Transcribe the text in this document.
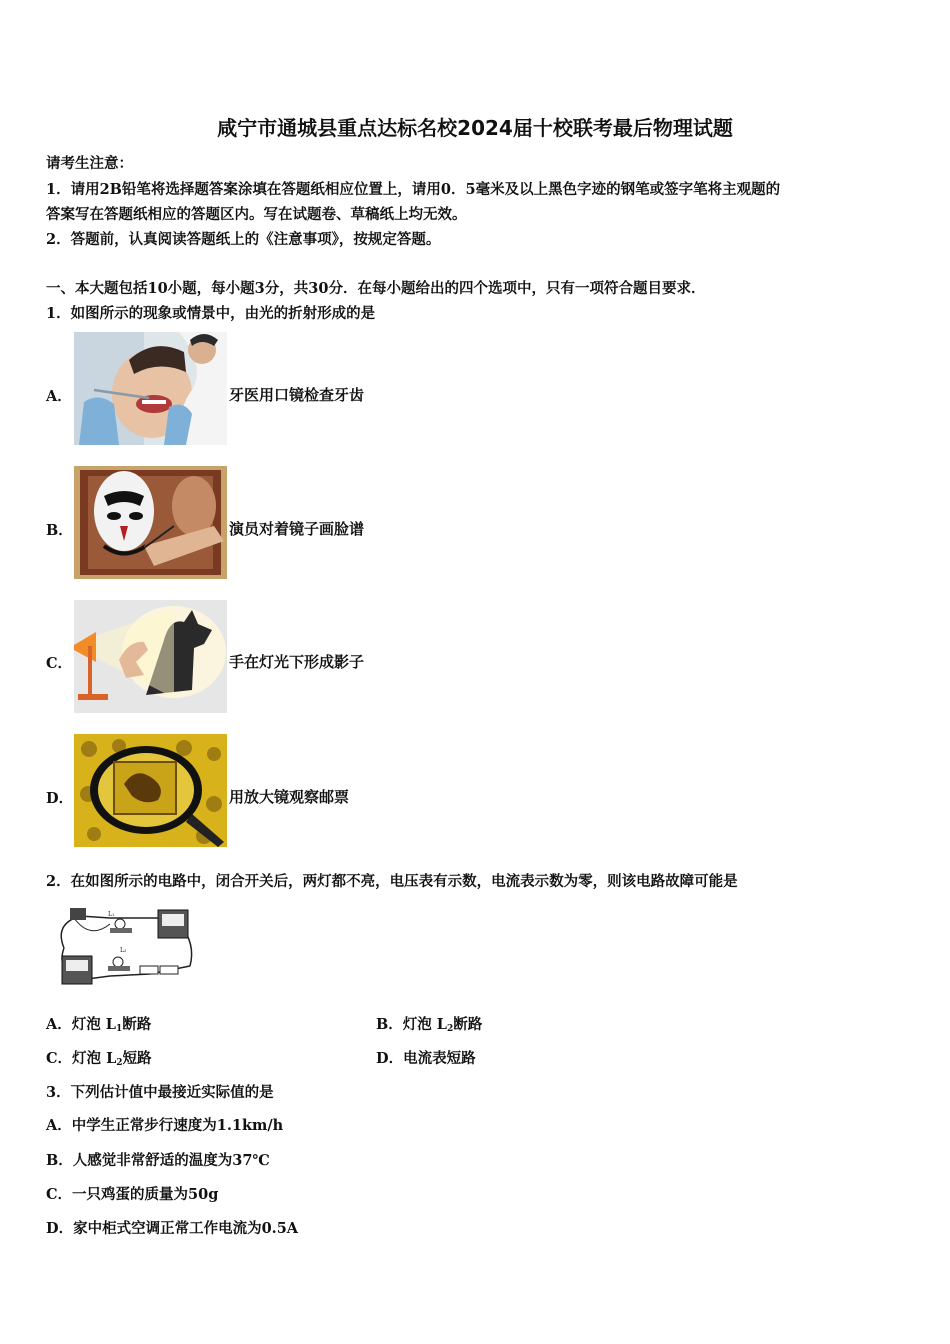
咸宁市通城县重点达标名校2024届十校联考最后物理试题
请考生注意：
1．请用2B铅笔将选择题答案涂填在答题纸相应位置上，请用0．5毫米及以上黑色字迹的钢笔或签字笔将主观题的
答案写在答题纸相应的答题区内。写在试题卷、草稿纸上均无效。
2．答题前，认真阅读答题纸上的《注意事项》，按规定答题。
一、本大题包括10小题，每小题3分，共30分．在每小题给出的四个选项中，只有一项符合题目要求．
1．如图所示的现象或情景中，由光的折射形成的是
A．	牙医用口镜检查牙齿
B．	演员对着镜子画脸谱
C．	手在灯光下形成影子
D．	用放大镜观察邮票
2．在如图所示的电路中，闭合开关后，两灯都不亮，电压表有示数，电流表示数为零，则该电路故障可能是
L₁
L₂
A．灯泡 $L_1$断路	B．灯泡 $L_2$断路
C．灯泡 $L_2$短路	D．电流表短路
3．下列估计值中最接近实际值的是
A．中学生正常步行速度为1.1km/h
B．人感觉非常舒适的温度为37℃
C．一只鸡蛋的质量为50g
D．家中柜式空调正常工作电流为0.5A
